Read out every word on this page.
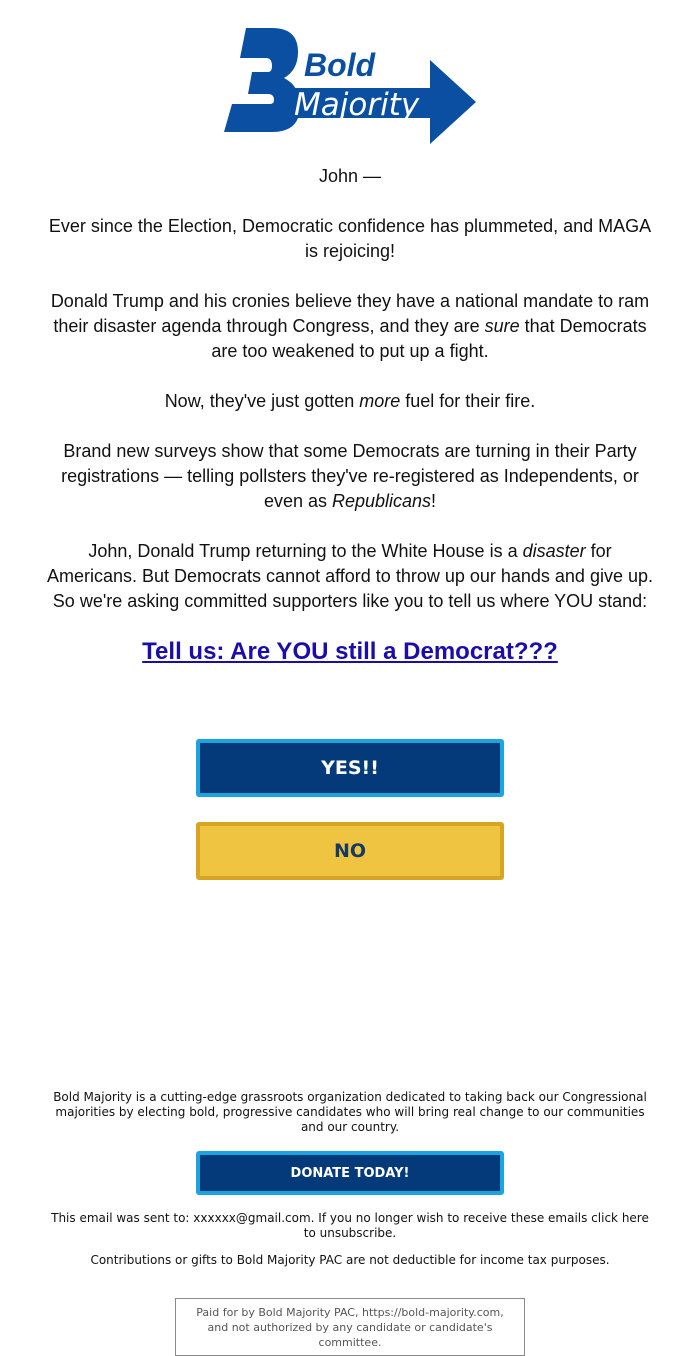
Bold
Majority

John —

Ever since the Election, Democratic confidence has plummeted, and MAGA is rejoicing!

Donald Trump and his cronies believe they have a national mandate to ram their disaster agenda through Congress, and they are sure that Democrats are too weakened to put up a fight.

Now, they've just gotten more fuel for their fire.

Brand new surveys show that some Democrats are turning in their Party registrations — telling pollsters they've re-registered as Independents, or even as Republicans!

John, Donald Trump returning to the White House is a disaster for Americans. But Democrats cannot afford to throw up our hands and give up. So we're asking committed supporters like you to tell us where YOU stand:

Tell us: Are YOU still a Democrat???
YES!!
NO
Bold Majority is a cutting-edge grassroots organization dedicated to taking back our Congressional majorities by electing bold, progressive candidates who will bring real change to our communities and our country.
DONATE TODAY!
This email was sent to: xxxxxx@gmail.com. If you no longer wish to receive these emails click here to unsubscribe.
Contributions or gifts to Bold Majority PAC are not deductible for income tax purposes.
Paid for by Bold Majority PAC, https://bold-majority.com, and not authorized by any candidate or candidate's committee.
